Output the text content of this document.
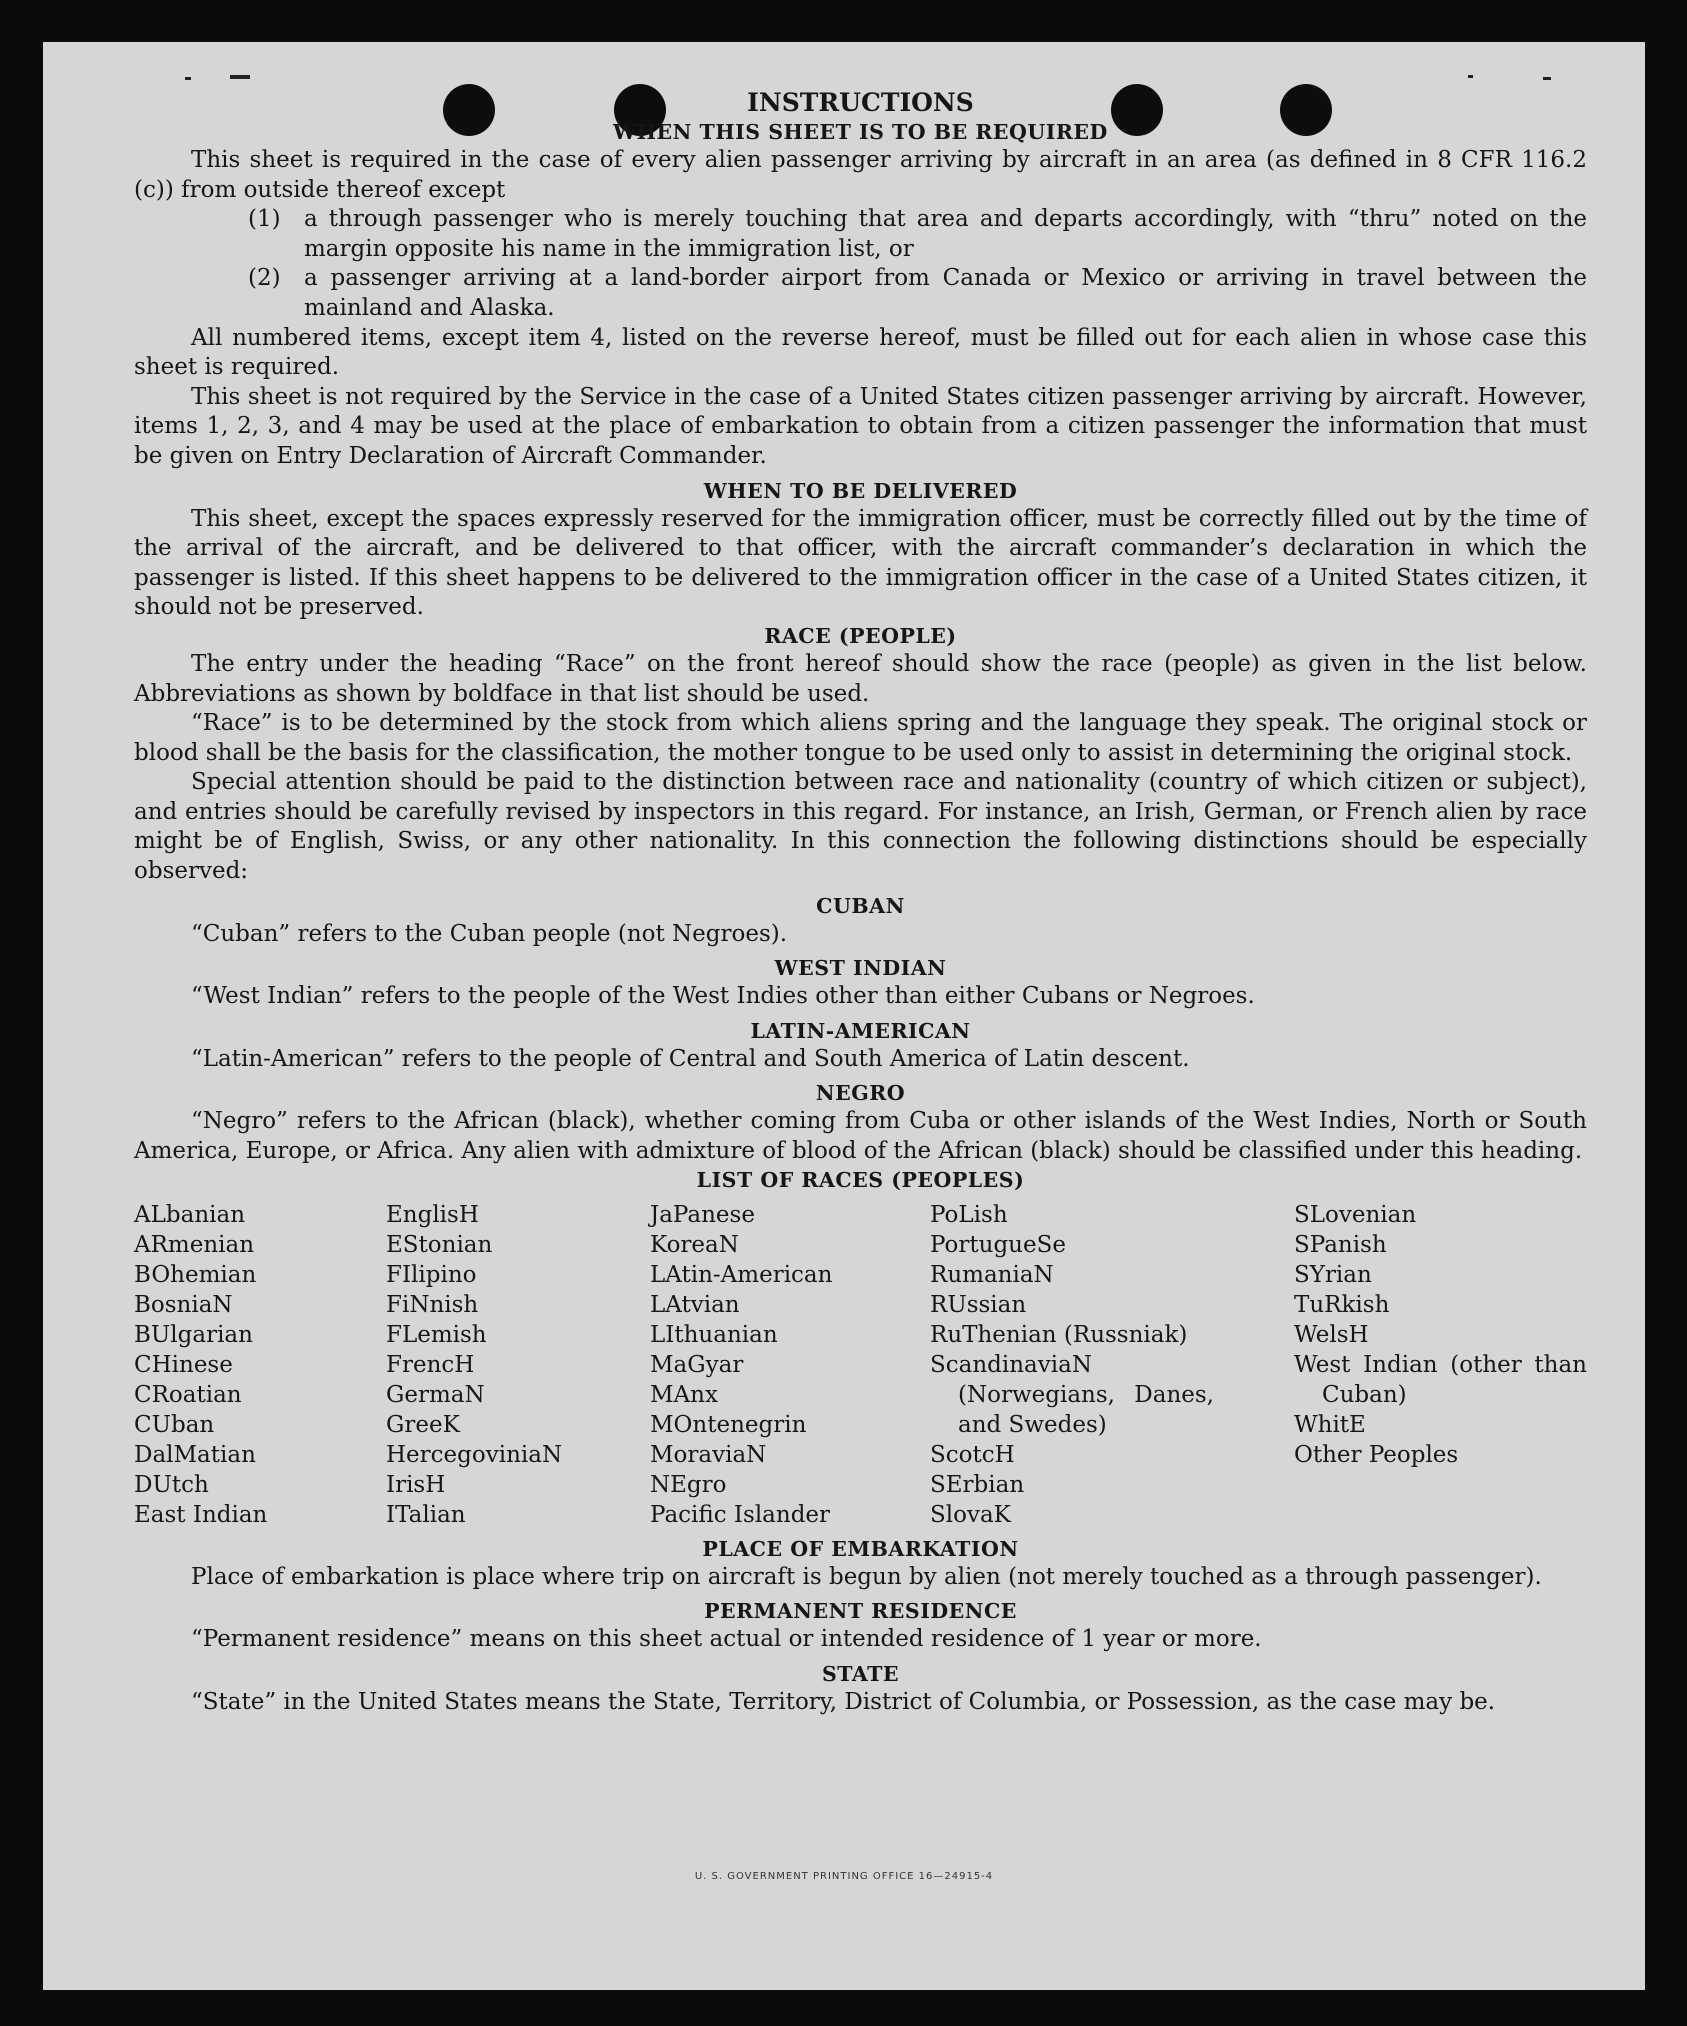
INSTRUCTIONS

WHEN THIS SHEET IS TO BE REQUIRED

This sheet is required in the case of every alien passenger arriving by aircraft in an area (as defined in 8 CFR 116.2 (c)) from outside thereof except

(1)	a through passenger who is merely touching that area and departs accordingly, with “thru” noted on the margin opposite his name in the immigration list, or
(2)	a passenger arriving at a land-border airport from Canada or Mexico or arriving in travel between the mainland and Alaska.

All numbered items, except item 4, listed on the reverse hereof, must be filled out for each alien in whose case this sheet is required.

This sheet is not required by the Service in the case of a United States citizen passenger arriving by aircraft. However, items 1, 2, 3, and 4 may be used at the place of embarkation to obtain from a citizen passenger the information that must be given on Entry Declaration of Aircraft Commander.

WHEN TO BE DELIVERED

This sheet, except the spaces expressly reserved for the immigration officer, must be correctly filled out by the time of the arrival of the aircraft, and be delivered to that officer, with the aircraft commander’s declaration in which the passenger is listed. If this sheet happens to be delivered to the immigration officer in the case of a United States citizen, it should not be preserved.

RACE (PEOPLE)

The entry under the heading “Race” on the front hereof should show the race (people) as given in the list below. Abbreviations as shown by boldface in that list should be used.

“Race” is to be determined by the stock from which aliens spring and the language they speak. The original stock or blood shall be the basis for the classification, the mother tongue to be used only to assist in determining the original stock.

Special attention should be paid to the distinction between race and nationality (country of which citizen or subject), and entries should be carefully revised by inspectors in this regard. For instance, an Irish, German, or French alien by race might be of English, Swiss, or any other nationality. In this connection the following distinctions should be especially observed:

CUBAN

“Cuban” refers to the Cuban people (not Negroes).

WEST INDIAN

“West Indian” refers to the people of the West Indies other than either Cubans or Negroes.

LATIN-AMERICAN

“Latin-American” refers to the people of Central and South America of Latin descent.

NEGRO

“Negro” refers to the African (black), whether coming from Cuba or other islands of the West Indies, North or South America, Europe, or Africa. Any alien with admixture of blood of the African (black) should be classified under this heading.

LIST OF RACES (PEOPLES)

ALbanian
ARmenian
BOhemian
BosniaN
BUlgarian
CHinese
CRoatian
CUban
DalMatian
DUtch
East Indian
EnglisH
EStonian
FIlipino
FiNnish
FLemish
FrencH
GermaN
GreeK
HercegoviniaN
IrisH
ITalian
JaPanese
KoreaN
LAtin-American
LAtvian
LIthuanian
MaGyar
MAnx
MOntenegrin
MoraviaN
NEgro
Pacific Islander
PoLish
PortugueSe
RumaniaN
RUssian
RuThenian (Russniak)
ScandinaviaN (Norwegians, Danes, and Swedes)
ScotcH
SErbian
SlovaK
SLovenian
SPanish
SYrian
TuRkish
WelsH
West Indian (other than Cuban)
WhitE
Other Peoples

PLACE OF EMBARKATION

Place of embarkation is place where trip on aircraft is begun by alien (not merely touched as a through passenger).

PERMANENT RESIDENCE

“Permanent residence” means on this sheet actual or intended residence of 1 year or more.

STATE

“State” in the United States means the State, Territory, District of Columbia, or Possession, as the case may be.

U. S. GOVERNMENT PRINTING OFFICE 16—24915-4
